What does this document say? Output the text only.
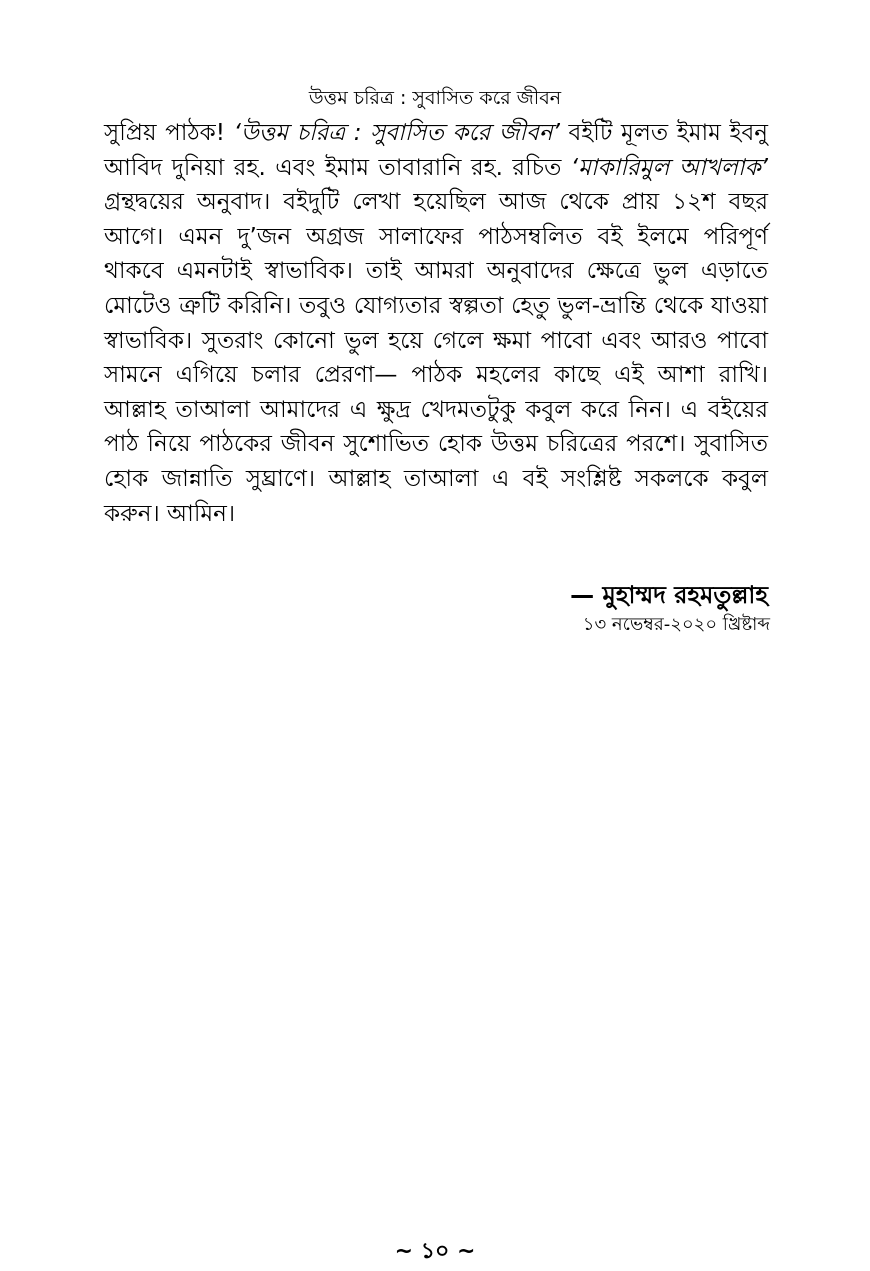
উত্তম চরিত্র : সুবাসিত করে জীবন

সুপ্রিয় পাঠক! ‘উত্তম চরিত্র : সুবাসিত করে জীবন’ বইটি মূলত ইমাম ইবনু আবিদ দুনিয়া রহ. এবং ইমাম তাবারানি রহ. রচিত ‘মাকারিমুল আখলাক’ গ্রন্থদ্বয়ের অনুবাদ। বইদুটি লেখা হয়েছিল আজ থেকে প্রায় ১২শ বছর আগে। এমন দু’জন অগ্রজ সালাফের পাঠসম্বলিত বই ইলমে পরিপূর্ণ থাকবে এমনটাই স্বাভাবিক। তাই আমরা অনুবাদের ক্ষেত্রে ভুল এড়াতে মোটেও ত্রুটি করিনি। তবুও যোগ্যতার স্বল্পতা হেতু ভুল-ভ্রান্তি থেকে যাওয়া স্বাভাবিক। সুতরাং কোনো ভুল হয়ে গেলে ক্ষমা পাবো এবং আরও পাবো সামনে এগিয়ে চলার প্রেরণা— পাঠক মহলের কাছে এই আশা রাখি। আল্লাহ তাআলা আমাদের এ ক্ষুদ্র খেদমতটুকু কবুল করে নিন। এ বইয়ের পাঠ নিয়ে পাঠকের জীবন সুশোভিত হোক উত্তম চরিত্রের পরশে। সুবাসিত হোক জান্নাতি সুঘ্রাণে। আল্লাহ তাআলা এ বই সংশ্লিষ্ট সকলকে কবুল করুন। আমিন।

— মুহাম্মদ রহমতুল্লাহ
১৩ নভেম্বর-২০২০ খ্রিষ্টাব্দ
~ ১০ ~
